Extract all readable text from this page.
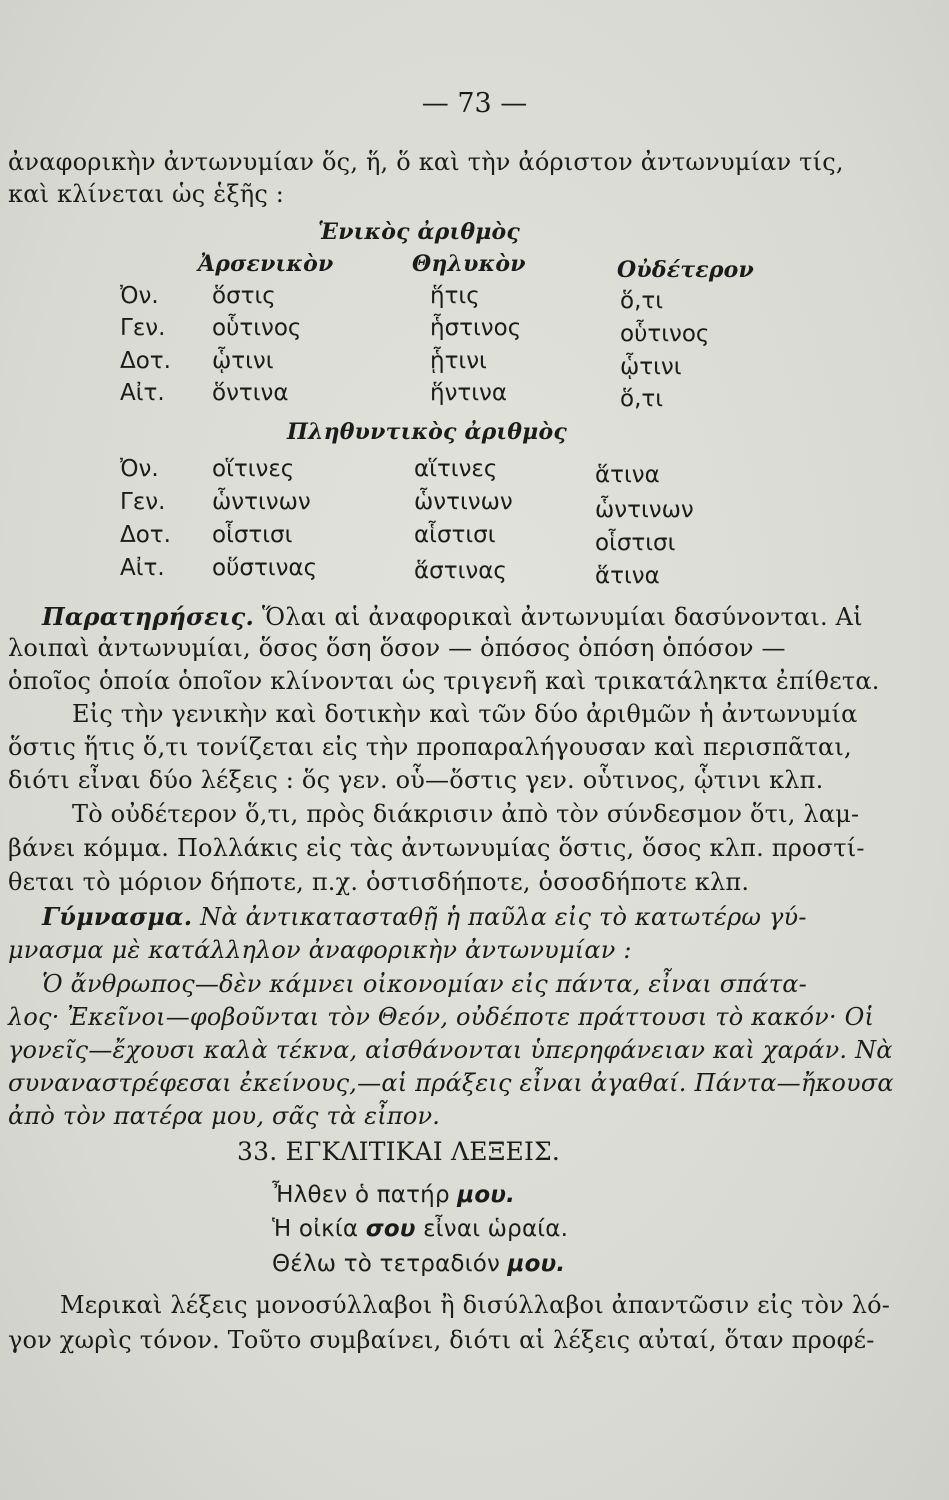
— 73 —
ἀναφορικὴν ἀντωνυμίαν ὅς, ἥ, ὅ καὶ τὴν ἀόριστον ἀντωνυμίαν τίς,
καὶ κλίνεται ὡς ἑξῆς :
Ἑνικὸς ἀριθμὸς
Ἀρσενικὸν	Θηλυκὸν	Οὐδέτερον
Ὀν. ὅστις	ἥτις	ὅ,τι
Γεν. οὗτινος	ἧστινος	οὗτινος
Δοτ. ᾧτινι	ᾗτινι	ᾧτινι
Αἰτ. ὅντινα	ἥντινα	ὅ,τι
Πληθυντικὸς ἀριθμὸς
Ὀν. οἵτινες	αἵτινες	ἅτινα
Γεν. ὧντινων	ὧντινων	ὧντινων
Δοτ. οἷστισι	αἷστισι	οἷστισι
Αἰτ. οὕστινας	ἅστινας	ἅτινα
Παρατηρήσεις. Ὅλαι αἱ ἀναφορικαὶ ἀντωνυμίαι δασύνονται. Αἱ
λοιπαὶ ἀντωνυμίαι, ὅσος ὅση ὅσον — ὁπόσος ὁπόση ὁπόσον —
ὁποῖος ὁποία ὁποῖον κλίνονται ὡς τριγενῆ καὶ τρικατάληκτα ἐπίθετα.
Εἰς τὴν γενικὴν καὶ δοτικὴν καὶ τῶν δύο ἀριθμῶν ἡ ἀντωνυμία
ὅστις ἥτις ὅ,τι τονίζεται εἰς τὴν προπαραλήγουσαν καὶ περισπᾶται,
διότι εἶναι δύο λέξεις : ὅς γεν. οὗ—ὅστις γεν. οὗτινος, ᾧτινι κλπ.
Τὸ οὐδέτερον ὅ,τι, πρὸς διάκρισιν ἀπὸ τὸν σύνδεσμον ὅτι, λαμ-
βάνει κόμμα. Πολλάκις εἰς τὰς ἀντωνυμίας ὅστις, ὅσος κλπ. προστί-
θεται τὸ μόριον δήποτε, π.χ. ὁστισδήποτε, ὁσοσδήποτε κλπ.
Γύμνασμα. Νὰ ἀντικατασταθῇ ἡ παῦλα εἰς τὸ κατωτέρω γύ-
μνασμα μὲ κατάλληλον ἀναφορικὴν ἀντωνυμίαν :
Ὁ ἄνθρωπος—δὲν κάμνει οἰκονομίαν εἰς πάντα, εἶναι σπάτα-
λος· Ἐκεῖνοι—φοβοῦνται τὸν Θεόν, οὐδέποτε πράττουσι τὸ κακόν· Οἱ
γονεῖς—ἔχουσι καλὰ τέκνα, αἰσθάνονται ὑπερηφάνειαν καὶ χαράν. Νὰ
συναναστρέφεσαι ἐκείνους,—αἱ πράξεις εἶναι ἀγαθαί. Πάντα—ἤκουσα
ἀπὸ τὸν πατέρα μου, σᾶς τὰ εἶπον.
33. ΕΓΚΛΙΤΙΚΑΙ ΛΕΞΕΙΣ.
Ἦλθεν ὁ πατήρ μου.
Ἡ οἰκία σου εἶναι ὡραία.
Θέλω τὸ τετραδιόν μου.
Μερικαὶ λέξεις μονοσύλλαβοι ἢ δισύλλαβοι ἀπαντῶσιν εἰς τὸν λό-
γον χωρὶς τόνον. Τοῦτο συμβαίνει, διότι αἱ λέξεις αὐταί, ὅταν προφέ-
